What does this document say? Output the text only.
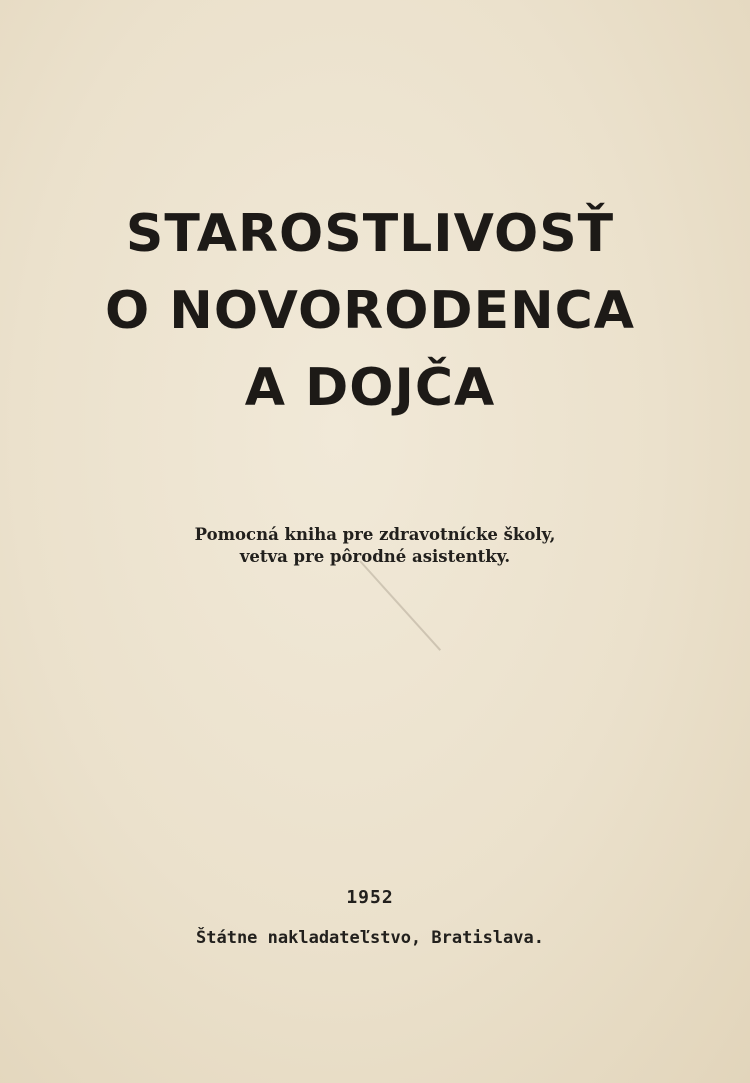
STAROSTLIVOSŤ
O NOVORODENCA
A DOJČA
Pomocná kniha pre zdravotnícke školy,
vetva pre pôrodné asistentky.
1952
Štátne nakladateľstvo, Bratislava.
